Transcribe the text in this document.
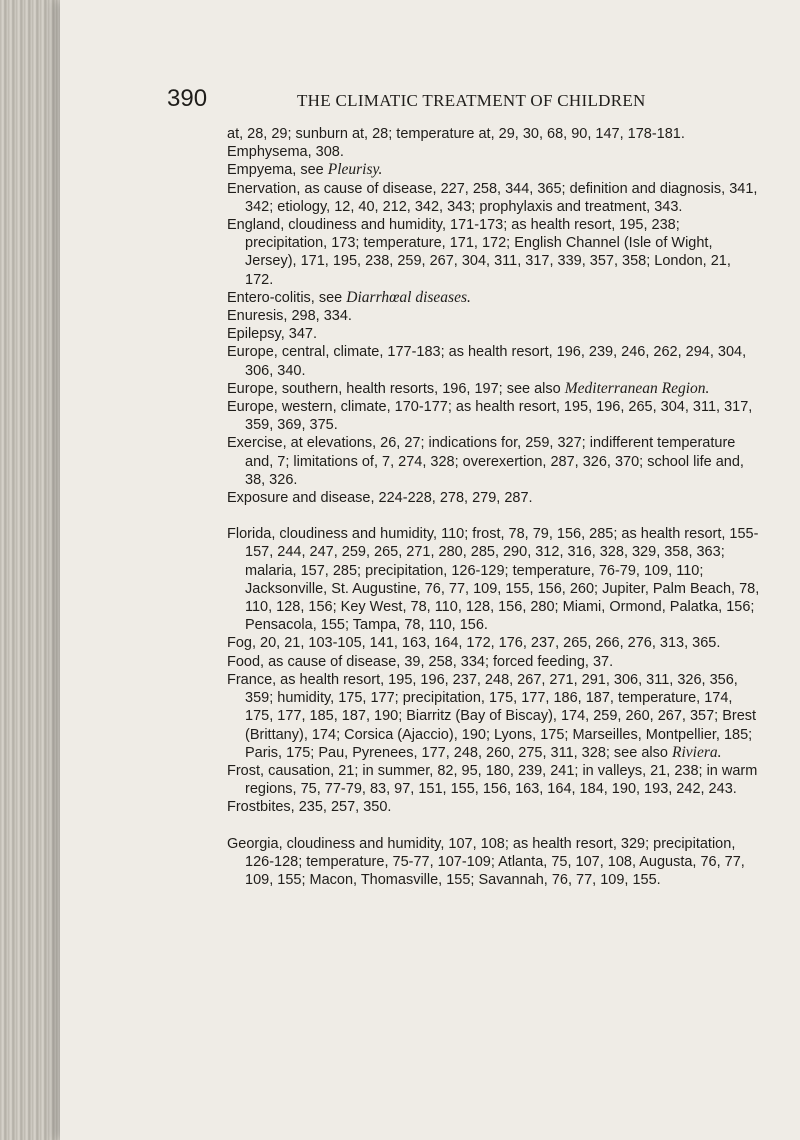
390	THE CLIMATIC TREATMENT OF CHILDREN

at, 28, 29; sunburn at, 28; temperature at, 29, 30, 68, 90, 147, 178-181.

Emphysema, 308.

Empyema, see Pleurisy.

Enervation, as cause of disease, 227, 258, 344, 365; definition and diagnosis, 341, 342; etiology, 12, 40, 212, 342, 343; prophylaxis and treatment, 343.

England, cloudiness and humidity, 171-173; as health resort, 195, 238; precipitation, 173; temperature, 171, 172; English Channel (Isle of Wight, Jersey), 171, 195, 238, 259, 267, 304, 311, 317, 339, 357, 358; London, 21, 172.

Entero-colitis, see Diarrhœal diseases.

Enuresis, 298, 334.

Epilepsy, 347.

Europe, central, climate, 177-183; as health resort, 196, 239, 246, 262, 294, 304, 306, 340.

Europe, southern, health resorts, 196, 197; see also Mediterranean Region.

Europe, western, climate, 170-177; as health resort, 195, 196, 265, 304, 311, 317, 359, 369, 375.

Exercise, at elevations, 26, 27; indications for, 259, 327; indifferent temperature and, 7; limitations of, 7, 274, 328; overexertion, 287, 326, 370; school life and, 38, 326.

Exposure and disease, 224-228, 278, 279, 287.

Florida, cloudiness and humidity, 110; frost, 78, 79, 156, 285; as health resort, 155-157, 244, 247, 259, 265, 271, 280, 285, 290, 312, 316, 328, 329, 358, 363; malaria, 157, 285; precipitation, 126-129; temperature, 76-79, 109, 110; Jacksonville, St. Augustine, 76, 77, 109, 155, 156, 260; Jupiter, Palm Beach, 78, 110, 128, 156; Key West, 78, 110, 128, 156, 280; Miami, Ormond, Palatka, 156; Pensacola, 155; Tampa, 78, 110, 156.

Fog, 20, 21, 103-105, 141, 163, 164, 172, 176, 237, 265, 266, 276, 313, 365.

Food, as cause of disease, 39, 258, 334; forced feeding, 37.

France, as health resort, 195, 196, 237, 248, 267, 271, 291, 306, 311, 326, 356, 359; humidity, 175, 177; precipitation, 175, 177, 186, 187, temperature, 174, 175, 177, 185, 187, 190; Biarritz (Bay of Biscay), 174, 259, 260, 267, 357; Brest (Brittany), 174; Corsica (Ajaccio), 190; Lyons, 175; Marseilles, Montpellier, 185; Paris, 175; Pau, Pyrenees, 177, 248, 260, 275, 311, 328; see also Riviera.

Frost, causation, 21; in summer, 82, 95, 180, 239, 241; in valleys, 21, 238; in warm regions, 75, 77-79, 83, 97, 151, 155, 156, 163, 164, 184, 190, 193, 242, 243.

Frostbites, 235, 257, 350.

Georgia, cloudiness and humidity, 107, 108; as health resort, 329; precipitation, 126-128; temperature, 75-77, 107-109; Atlanta, 75, 107, 108, Augusta, 76, 77, 109, 155; Macon, Thomasville, 155; Savannah, 76, 77, 109, 155.
